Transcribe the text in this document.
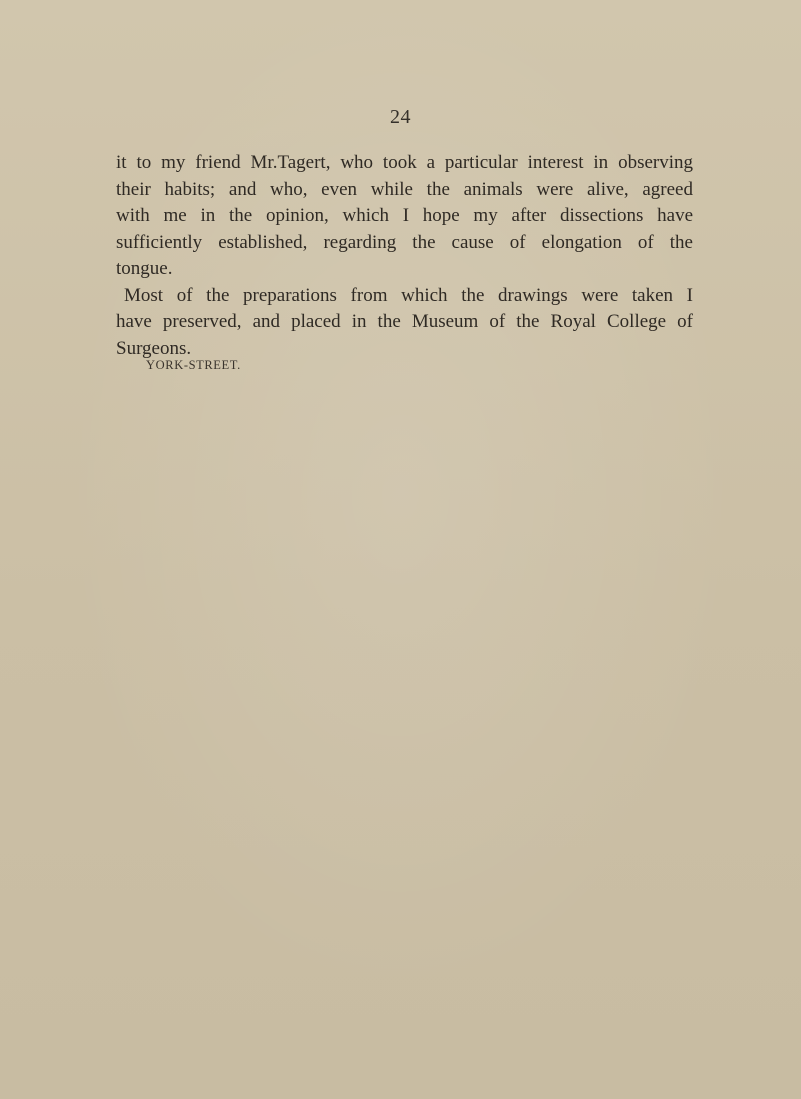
24
it to my friend Mr.Tagert, who took a particular interest in observing
their habits; and who, even while the animals were alive, agreed
with me in the opinion, which I hope my after dissections have
sufficiently established, regarding the cause of elongation of the
tongue.
Most of the preparations from which the drawings were taken I
have preserved, and placed in the Museum of the Royal College of
Surgeons.
YORK-STREET.
